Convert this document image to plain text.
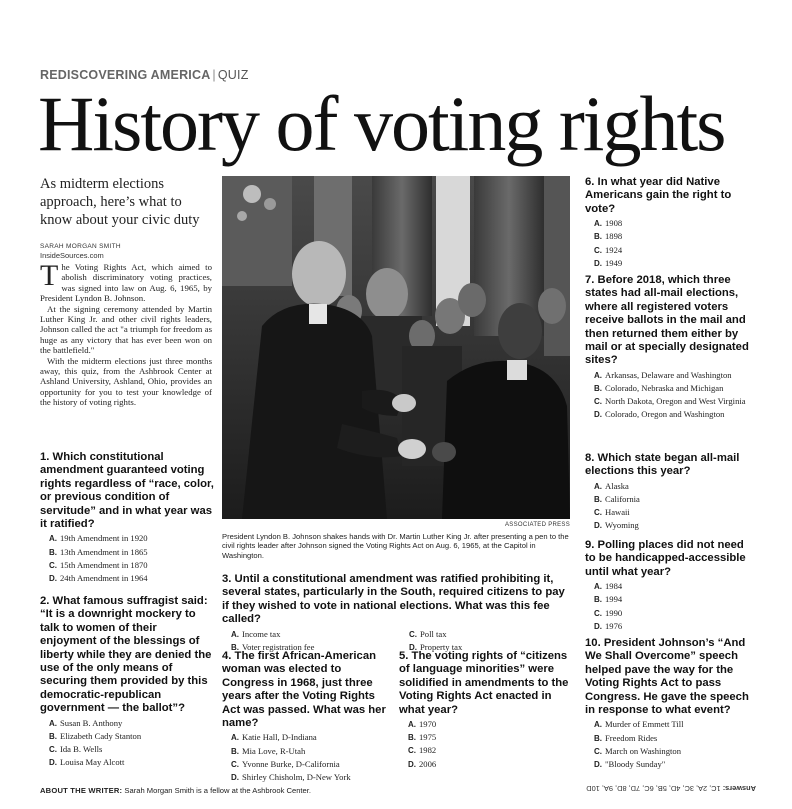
REDISCOVERING AMERICA | QUIZ
History of voting rights
As midterm elections approach, here’s what to know about your civic duty
SARAH MORGAN SMITH
InsideSources.com

The Voting Rights Act, which aimed to abolish discriminatory voting practices, was signed into law on Aug. 6, 1965, by President Lyndon B. Johnson.

At the signing ceremony attended by Martin Luther King Jr. and other civil rights leaders, Johnson called the act "a triumph for freedom as huge as any victory that has ever been won on the battlefield."

With the midterm elections just three months away, this quiz, from the Ashbrook Center at Ashland University, Ashland, Ohio, provides an opportunity for you to test your knowledge of the history of voting rights.

1. Which constitutional amendment guaranteed voting rights regardless of “race, color, or previous condition of servitude” and in what year was it ratified?
A. 19th Amendment in 1920
B. 13th Amendment in 1865
C. 15th Amendment in 1870
D. 24th Amendment in 1964
2. What famous suffragist said: “It is a downright mockery to talk to women of their enjoyment of the blessings of liberty while they are denied the use of the only means of securing them provided by this democratic-republican government — the ballot”?
A. Susan B. Anthony
B. Elizabeth Cady Stanton
C. Ida B. Wells
D. Louisa May Alcott
ASSOCIATED PRESS
President Lyndon B. Johnson shakes hands with Dr. Martin Luther King Jr. after presenting a pen to the civil rights leader after Johnson signed the Voting Rights Act on Aug. 6, 1965, at the Capitol in Washington.
3. Until a constitutional amendment was ratified prohibiting it, several states, particularly in the South, required citizens to pay if they wished to vote in national elections. What was this fee called?
A. Income tax	C. Poll tax
B. Voter registration fee	D. Property tax
4. The first African-American woman was elected to Congress in 1968, just three years after the Voting Rights Act was passed. What was her name?
A. Katie Hall, D-Indiana
B. Mia Love, R-Utah
C. Yvonne Burke, D-California
D. Shirley Chisholm, D-New York
5. The voting rights of “citizens of language minorities” were solidified in amendments to the Voting Rights Act enacted in what year?
A. 1970
B. 1975
C. 1982
D. 2006
6. In what year did Native Americans gain the right to vote?
A. 1908
B. 1898
C. 1924
D. 1949
7. Before 2018, which three states had all-mail elections, where all registered voters receive ballots in the mail and then returned them either by mail or at specially designated sites?
A. Arkansas, Delaware and Washington
B. Colorado, Nebraska and Michigan
C. North Dakota, Oregon and West Virginia
D. Colorado, Oregon and Washington
8. Which state began all-mail elections this year?
A. Alaska
B. California
C. Hawaii
D. Wyoming
9. Polling places did not need to be handicapped-accessible until what year?
A. 1984
B. 1994
C. 1990
D. 1976
10. President Johnson’s “And We Shall Overcome” speech helped pave the way for the Voting Rights Act to pass Congress. He gave the speech in response to what event?
A. Murder of Emmett Till
B. Freedom Rides
C. March on Washington
D. "Bloody Sunday"
ABOUT THE WRITER: Sarah Morgan Smith is a fellow at the Ashbrook Center.	Answers: 1C, 2A, 3C, 4D, 5B, 6C, 7D, 8D, 9A, 10D
